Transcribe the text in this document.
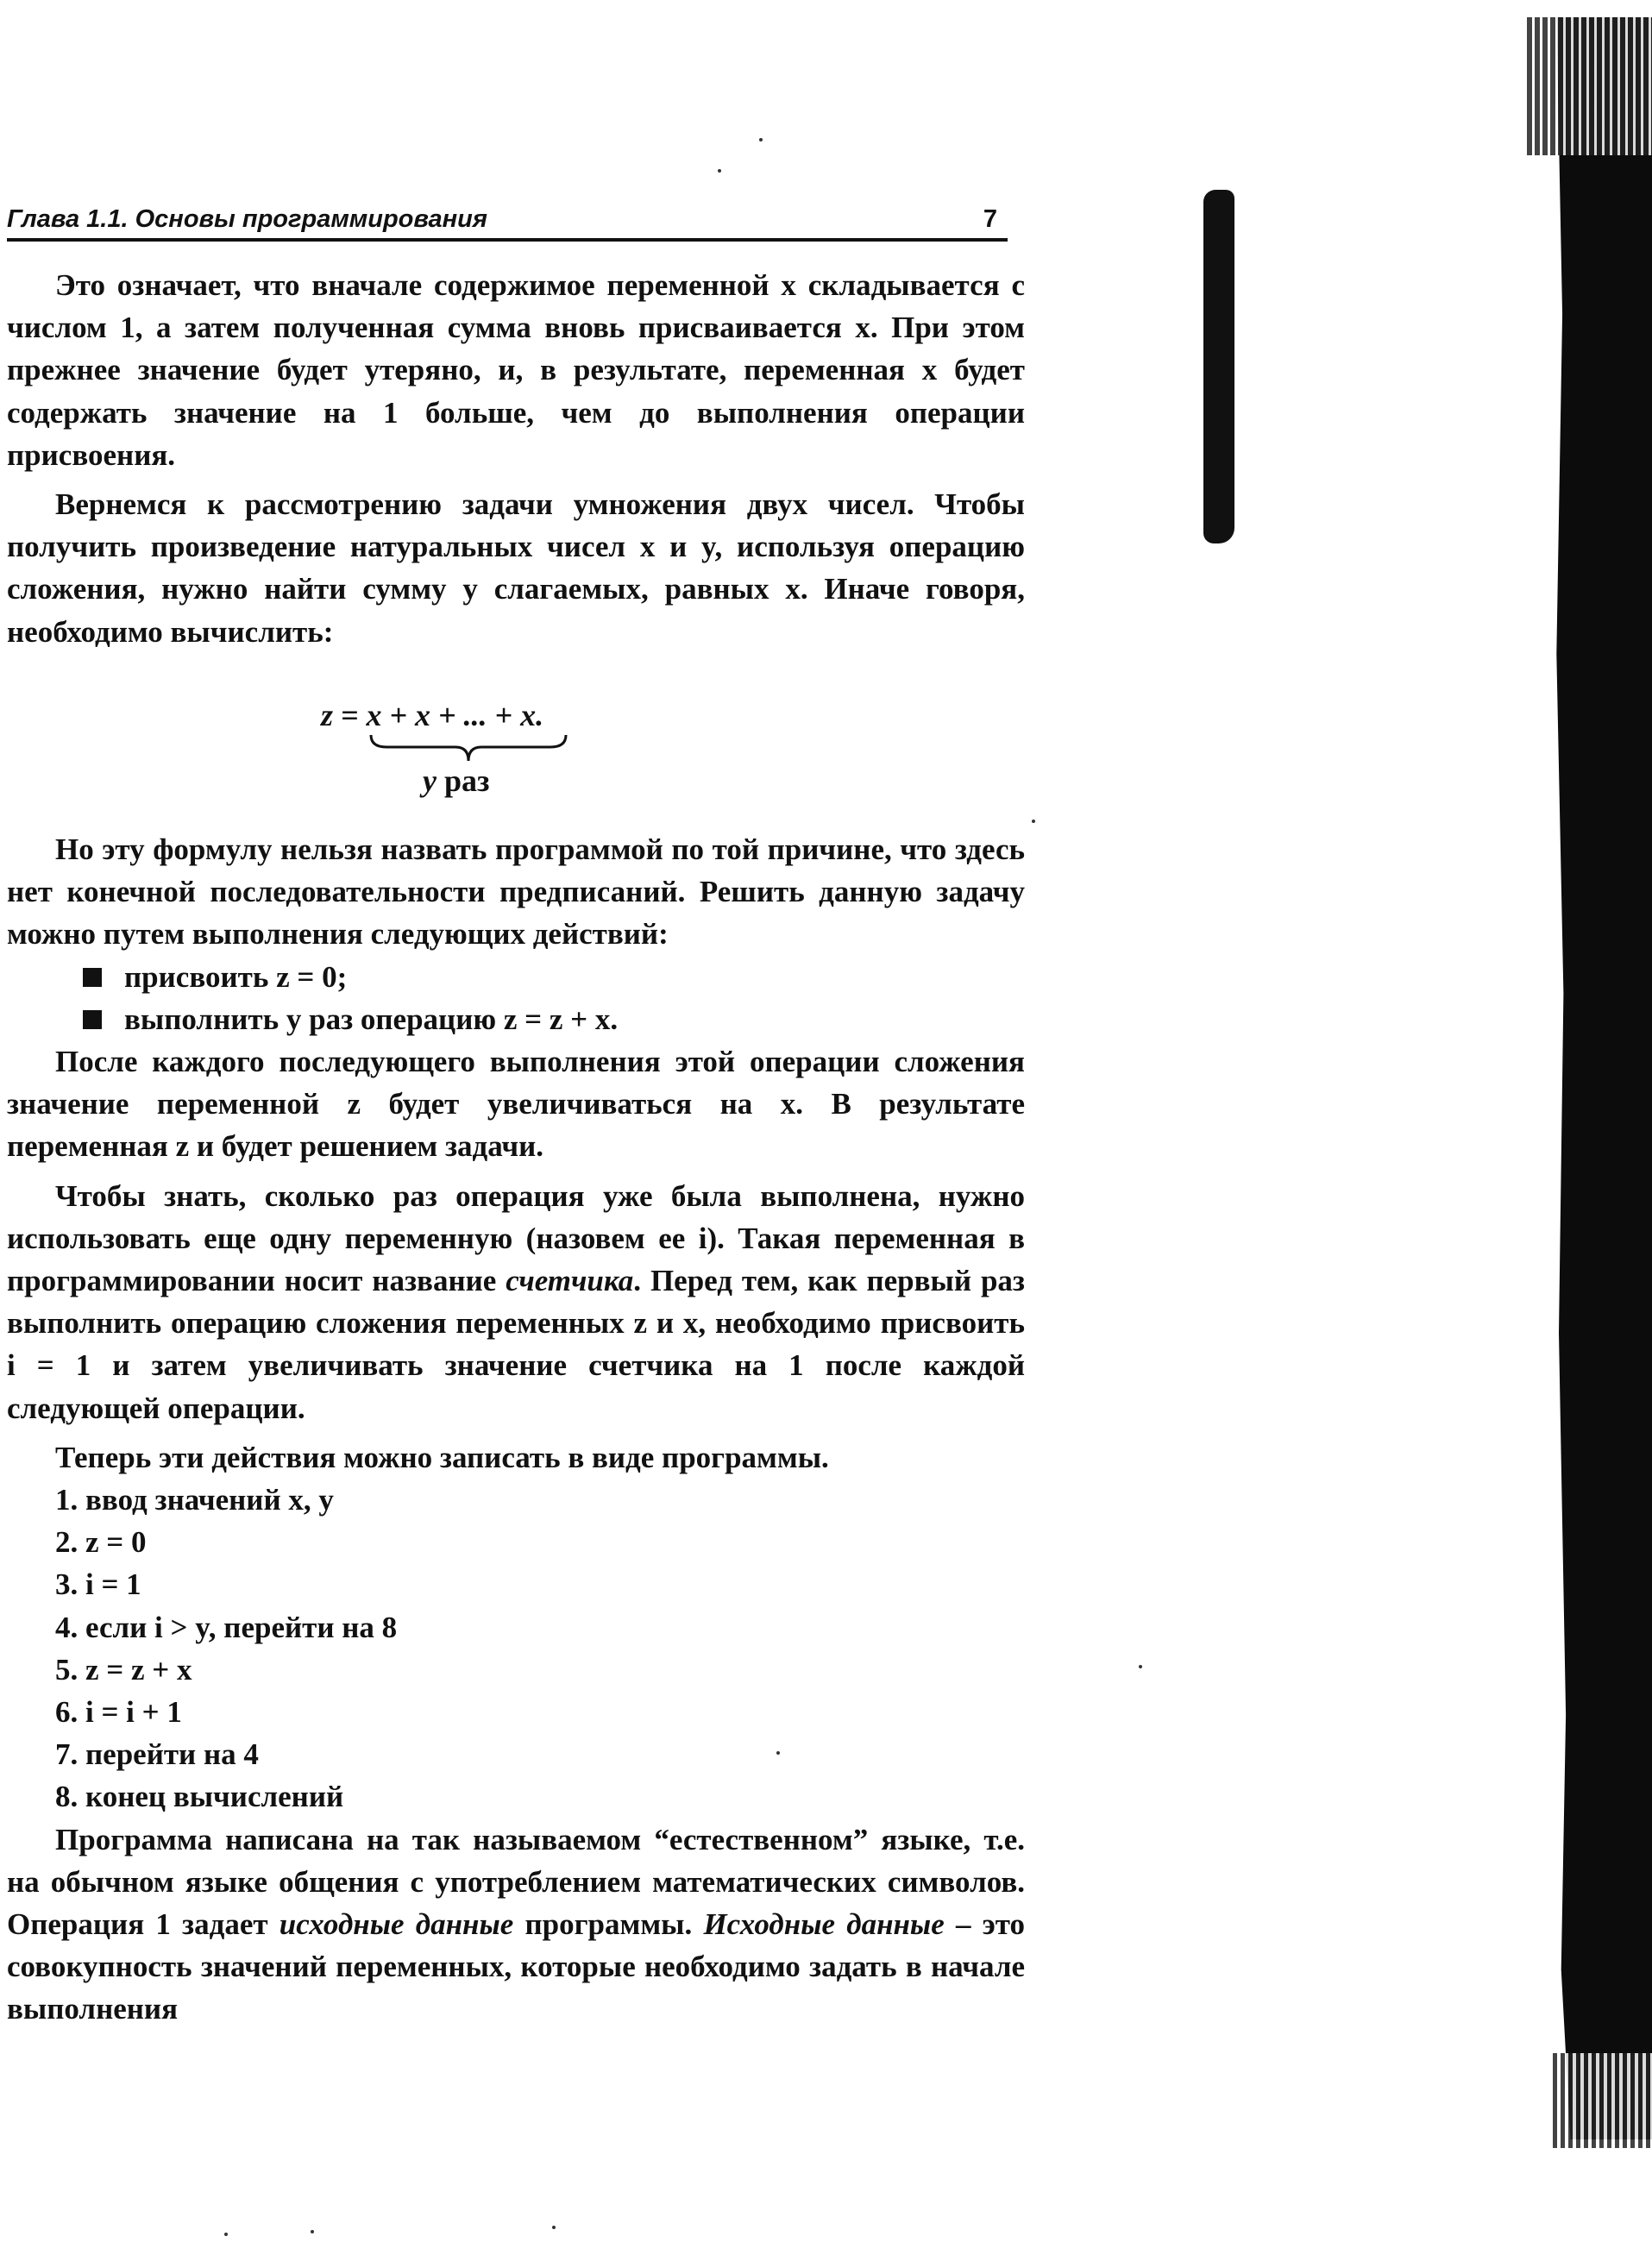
Глава 1.1. Основы программирования	7

Это означает, что вначале содержимое переменной x складывается с числом 1, а затем полученная сумма вновь присваивается x. При этом прежнее значение будет утеряно, и, в результате, переменная x будет содержать значение на 1 больше, чем до выполнения операции присвоения.

Вернемся к рассмотрению задачи умножения двух чисел. Чтобы получить произведение натуральных чисел x и y, используя операцию сложения, нужно найти сумму y слагаемых, равных x. Иначе говоря, необходимо вычислить:

z = x + x + ... + x.
y раз

Но эту формулу нельзя назвать программой по той причине, что здесь нет конечной последовательности предписаний. Решить данную задачу можно путем выполнения следующих действий:

присвоить z = 0;
выполнить y раз операцию z = z + x.

После каждого последующего выполнения этой операции сложения значение переменной z будет увеличиваться на x. В результате переменная z и будет решением задачи.

Чтобы знать, сколько раз операция уже была выполнена, нужно использовать еще одну переменную (назовем ее i). Такая переменная в программировании носит название счетчика. Перед тем, как первый раз выполнить операцию сложения переменных z и x, необходимо присвоить i = 1 и затем увеличивать значение счетчика на 1 после каждой следующей операции.

Теперь эти действия можно записать в виде программы.

1. ввод значений x, y
2. z = 0
3. i = 1
4. если i > y, перейти на 8
5. z = z + x
6. i = i + 1
7. перейти на 4
8. конец вычислений

Программа написана на так называемом “естественном” языке, т.е. на обычном языке общения с употреблением математических символов. Операция 1 задает исходные данные программы. Исходные данные – это совокупность значений переменных, которые необходимо задать в начале выполнения
